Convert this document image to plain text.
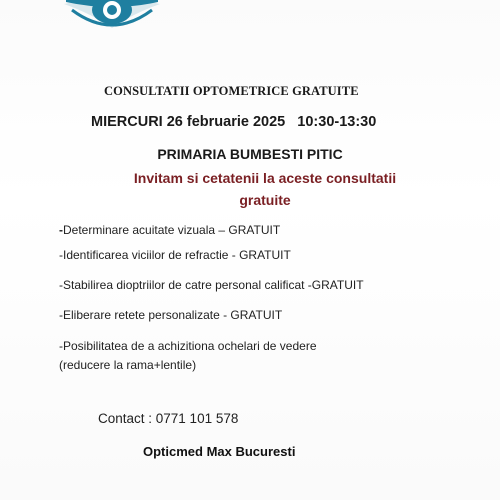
CONSULTATII OPTOMETRICE GRATUITE
MIERCURI 26 februarie 2025   10:30-13:30
PRIMARIA BUMBESTI PITIC
Invitam si cetatenii la aceste consultatii
gratuite
-Determinare acuitate vizuala – GRATUIT
-Identificarea viciilor de refractie - GRATUIT
-Stabilirea dioptriilor de catre personal calificat -GRATUIT
-Eliberare retete personalizate - GRATUIT
-Posibilitatea de a achizitiona ochelari de vedere
(reducere la rama+lentile)
Contact : 0771 101 578
Opticmed Max Bucuresti
